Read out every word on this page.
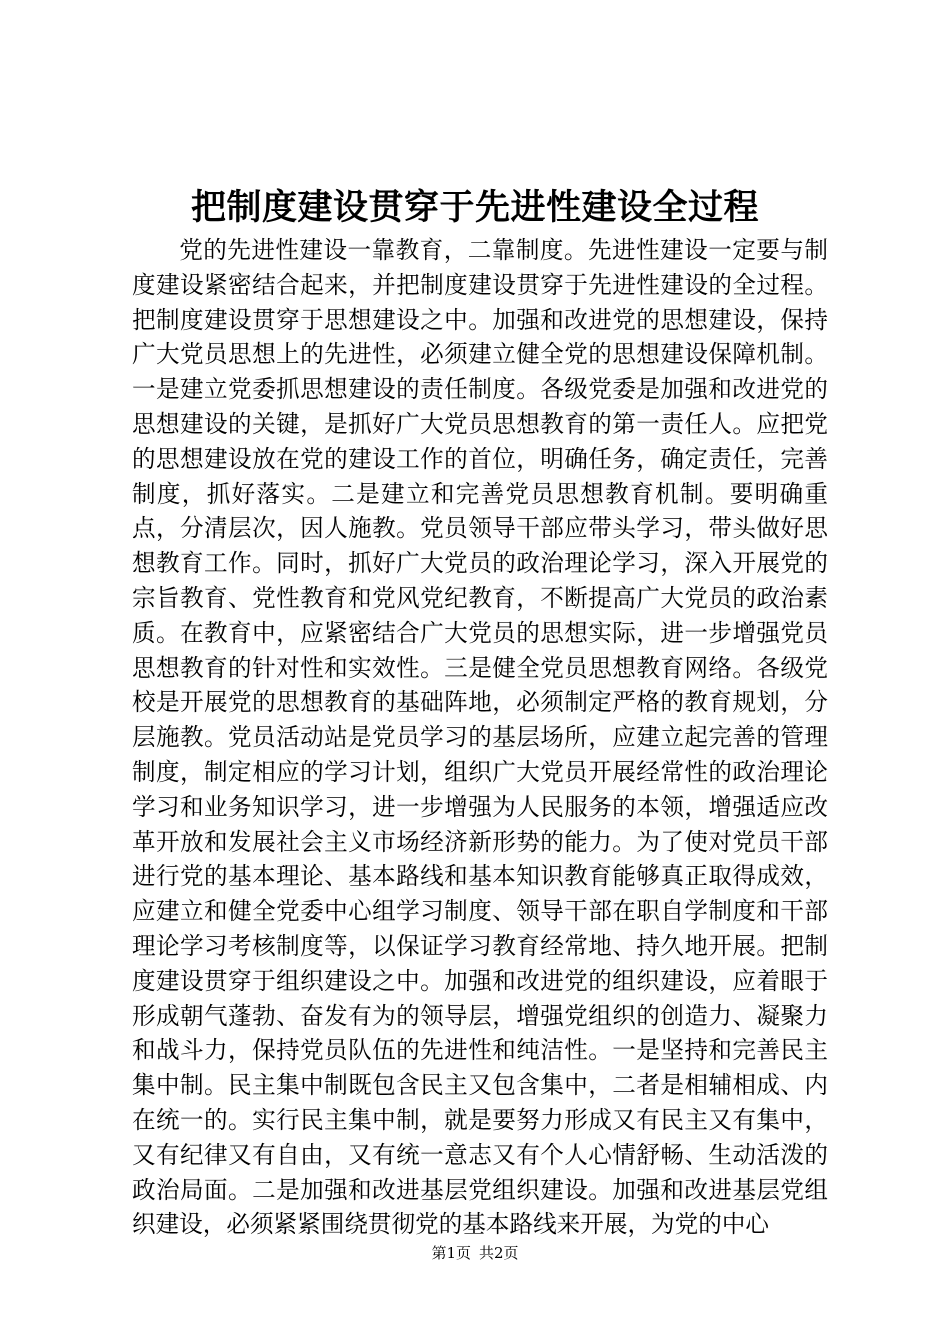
把制度建设贯穿于先进性建设全过程

党的先进性建设一靠教育，二靠制度。先进性建设一定要与制度建设紧密结合起来，并把制度建设贯穿于先进性建设的全过程。把制度建设贯穿于思想建设之中。加强和改进党的思想建设，保持广大党员思想上的先进性，必须建立健全党的思想建设保障机制。一是建立党委抓思想建设的责任制度。各级党委是加强和改进党的思想建设的关键，是抓好广大党员思想教育的第一责任人。应把党的思想建设放在党的建设工作的首位，明确任务，确定责任，完善制度，抓好落实。二是建立和完善党员思想教育机制。要明确重点，分清层次，因人施教。党员领导干部应带头学习，带头做好思想教育工作。同时，抓好广大党员的政治理论学习，深入开展党的宗旨教育、党性教育和党风党纪教育，不断提高广大党员的政治素质。在教育中，应紧密结合广大党员的思想实际，进一步增强党员思想教育的针对性和实效性。三是健全党员思想教育网络。各级党校是开展党的思想教育的基础阵地，必须制定严格的教育规划，分层施教。党员活动站是党员学习的基层场所，应建立起完善的管理制度，制定相应的学习计划，组织广大党员开展经常性的政治理论学习和业务知识学习，进一步增强为人民服务的本领，增强适应改革开放和发展社会主义市场经济新形势的能力。为了使对党员干部进行党的基本理论、基本路线和基本知识教育能够真正取得成效，应建立和健全党委中心组学习制度、领导干部在职自学制度和干部理论学习考核制度等，以保证学习教育经常地、持久地开展。把制度建设贯穿于组织建设之中。加强和改进党的组织建设，应着眼于形成朝气蓬勃、奋发有为的领导层，增强党组织的创造力、凝聚力和战斗力，保持党员队伍的先进性和纯洁性。一是坚持和完善民主集中制。民主集中制既包含民主又包含集中，二者是相辅相成、内在统一的。实行民主集中制，就是要努力形成又有民主又有集中，又有纪律又有自由，又有统一意志又有个人心情舒畅、生动活泼的政治局面。二是加强和改进基层党组织建设。加强和改进基层党组织建设，必须紧紧围绕贯彻党的基本路线来开展，为党的中心

第1页 共2页
